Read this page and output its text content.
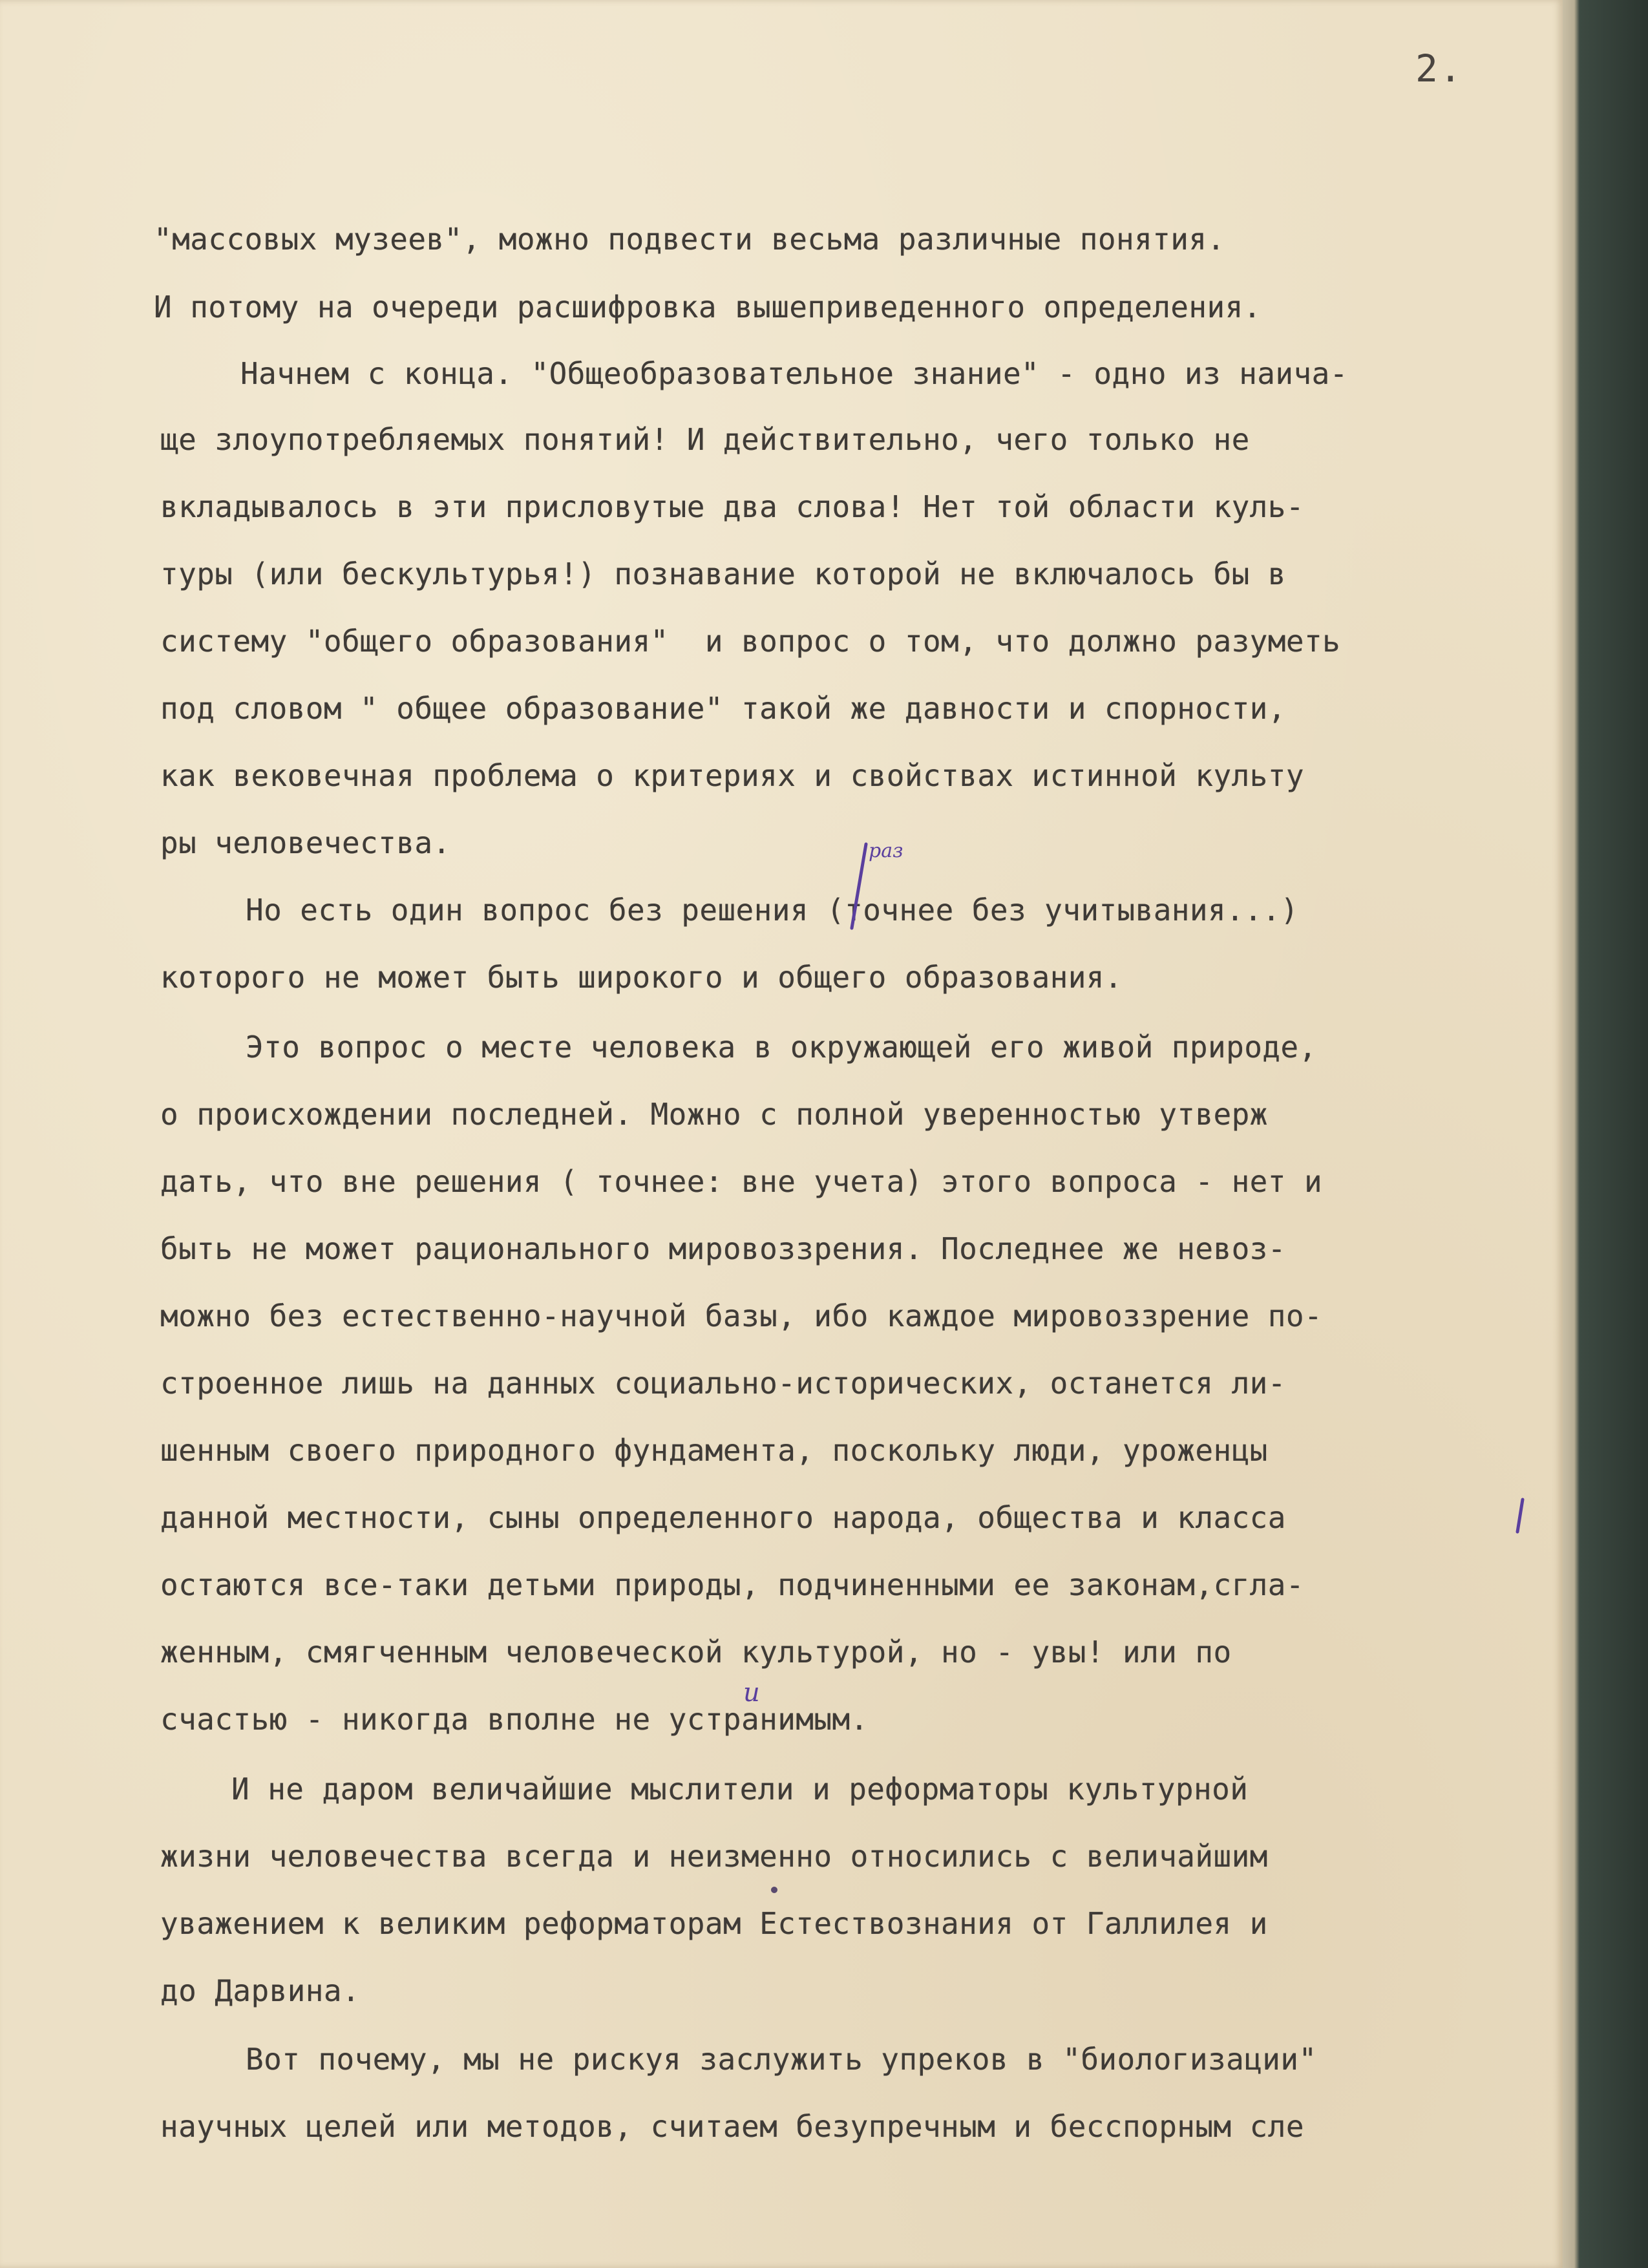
2.
"массовых музеев", можно подвести весьма различные понятия.
И потому на очереди расшифровка вышеприведенного определения.
Начнем с конца. "Общеобразовательное знание" - одно из наича-
ще злоупотребляемых понятий! И действительно, чего только не
вкладывалось в эти присловутые два слова! Нет той области куль-
туры (или бескультурья!) познавание которой не включалось бы в
систему "общего образования"  и вопрос о том, что должно разуметь
под словом " общее образование" такой же давности и спорности,
как вековечная проблема о критериях и свойствах истинной культу
ры человечества.
Но есть один вопрос без решения (точнее без учитывания...)
которого не может быть широкого и общего образования.
Это вопрос о месте человека в окружающей его живой природе,
о происхождении последней. Можно с полной уверенностью утверж
дать, что вне решения ( точнее: вне учета) этого вопроса - нет и
быть не может рационального мировоззрения. Последнее же невоз-
можно без естественно-научной базы, ибо каждое мировоззрение по-
строенное лишь на данных социально-исторических, останется ли-
шенным своего природного фундамента, поскольку люди, уроженцы
данной местности, сыны определенного народа, общества и класса
остаются все-таки детьми природы, подчиненными ее законам,сгла-
женным, смягченным человеческой культурой, но - увы! или по
счастью - никогда вполне не устранимым.
И не даром величайшие мыслители и реформаторы культурной
жизни человечества всегда и неизменно относились с величайшим
уважением к великим реформаторам Естествознания от Галлилея и
до Дарвина.
Вот почему, мы не рискуя заслужить упреков в "биологизации"
научных целей или методов, считаем безупречным и бесспорным сле
раз
и
